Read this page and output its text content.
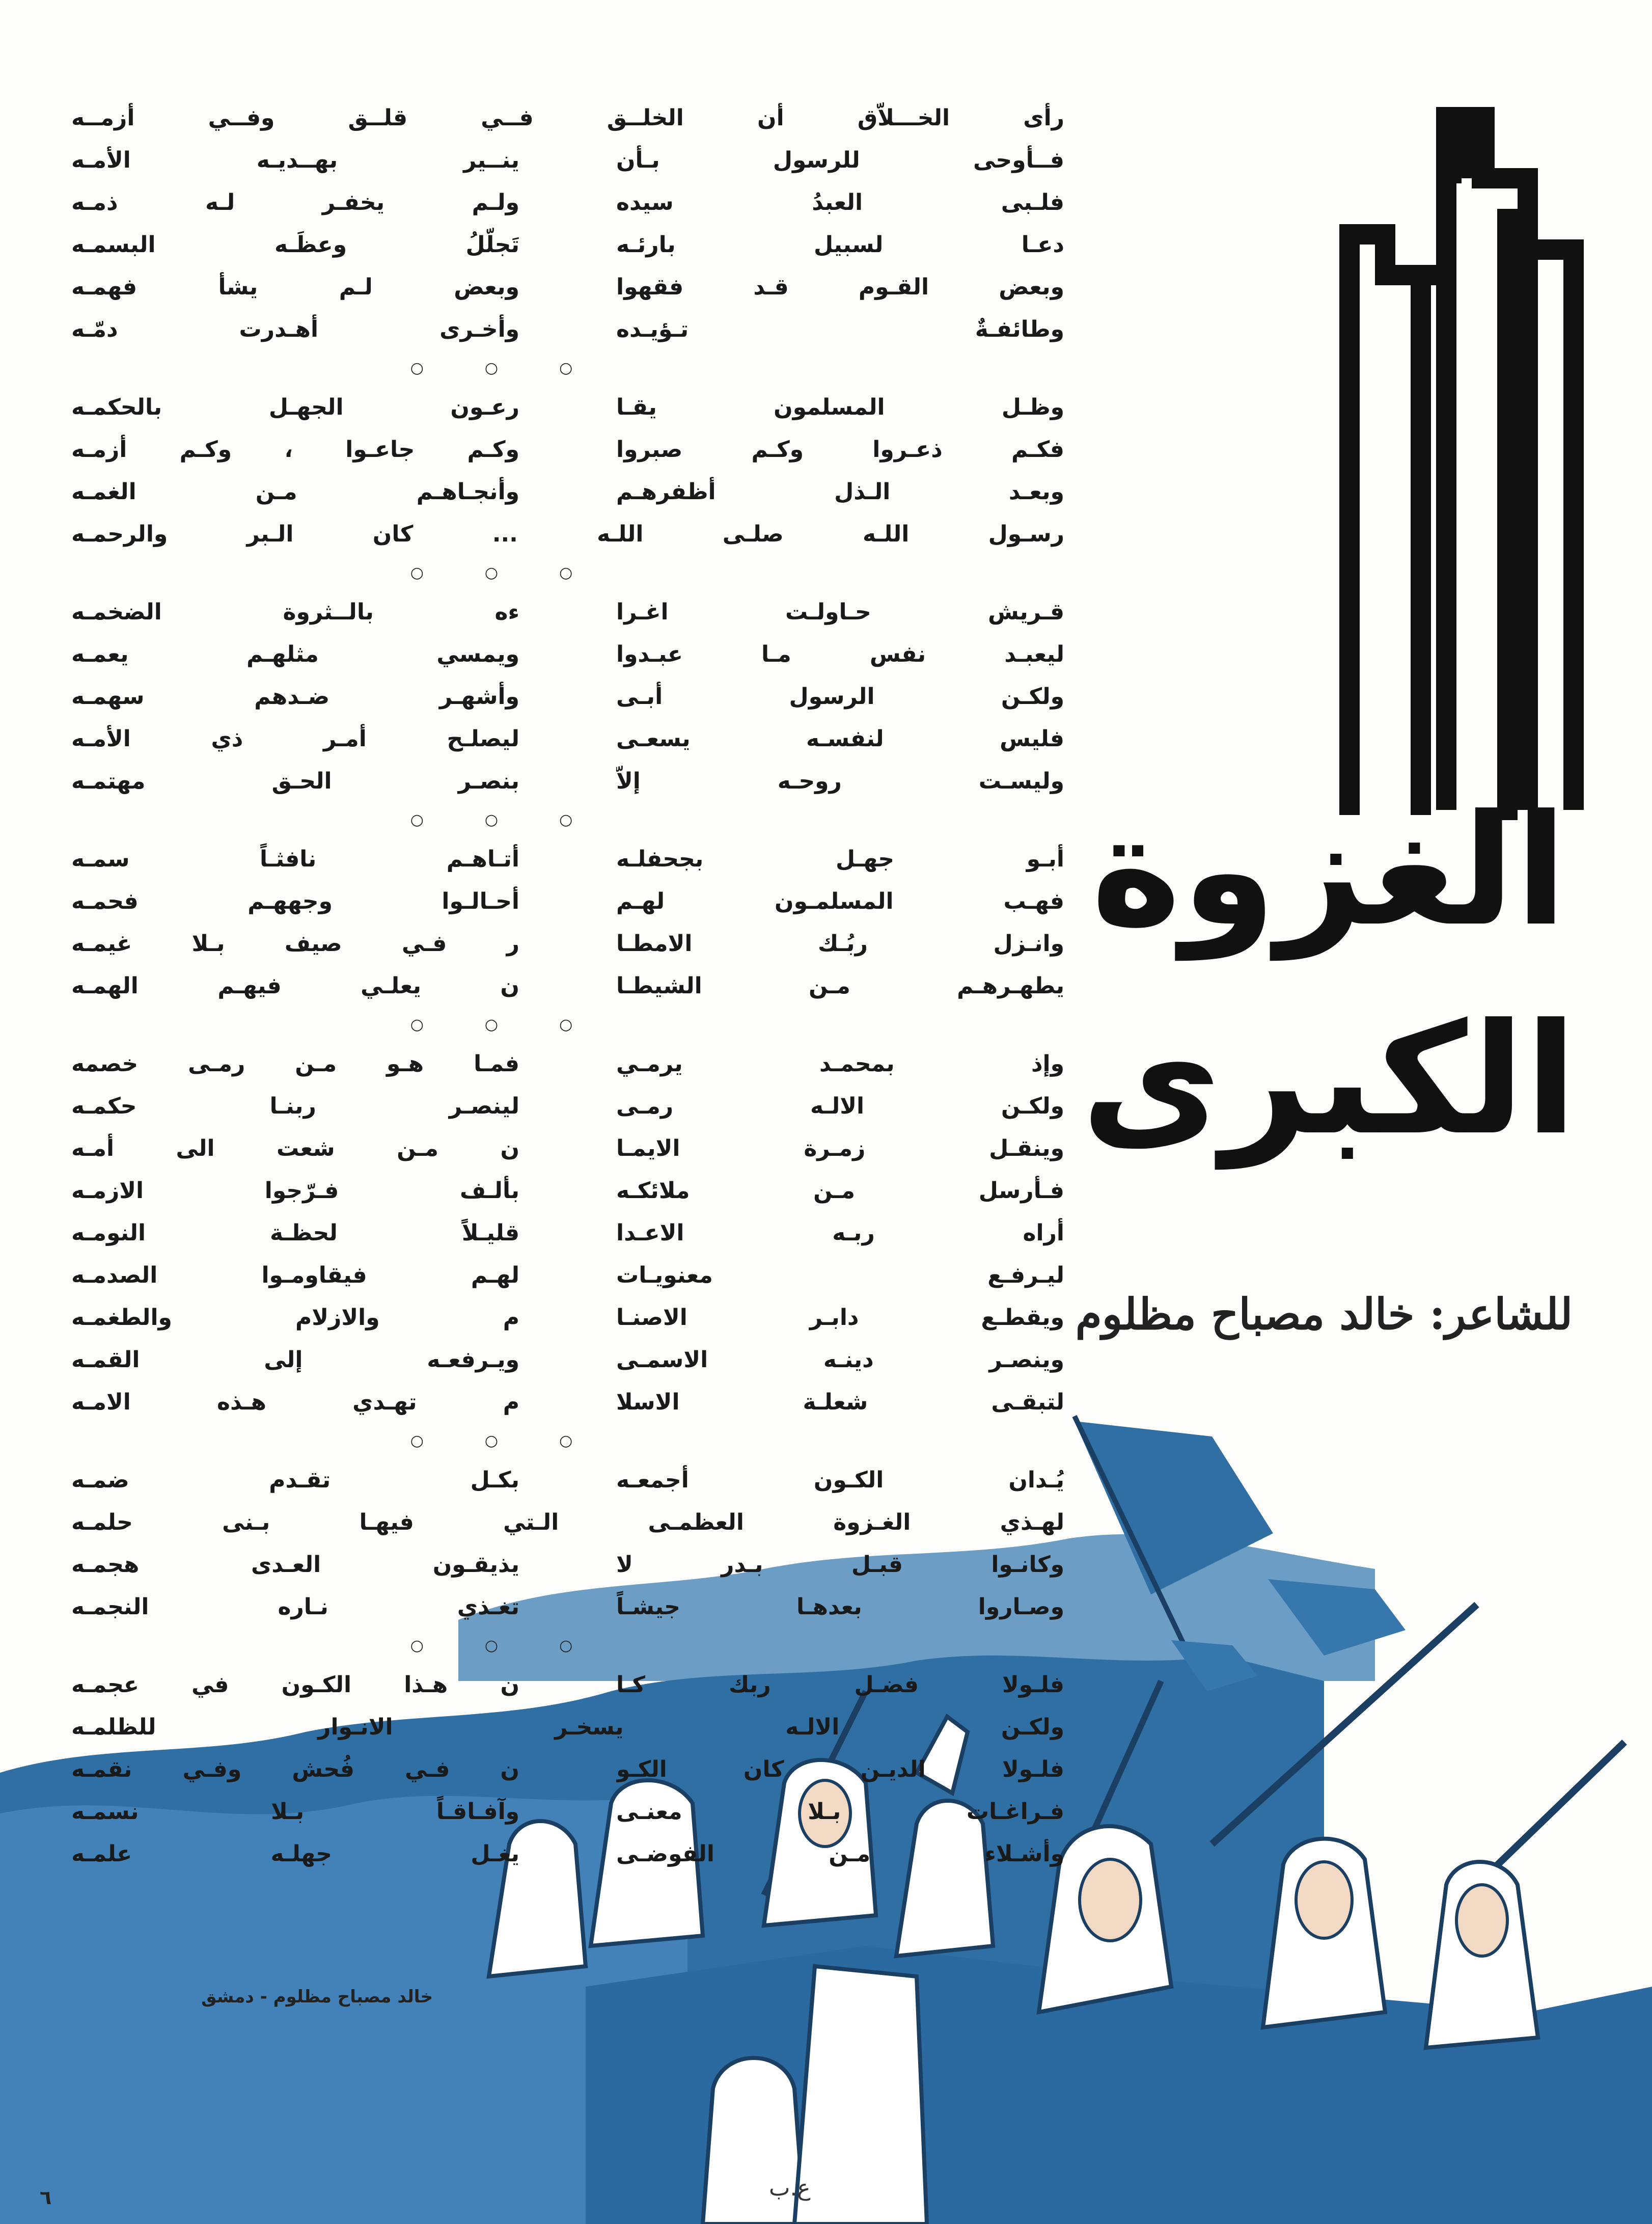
الغزوة
الكبرى
للشاعر: خالد مصباح مظلوم
رأى الخـــلاّق أن الخلــق فــي قلــق وفــي أزمــه
فــأوحى للرسول بـأن
ينــير بهــديـه الأمـه
فلـبى العبدُ سيده
ولـم يخفـر لـه ذمـه
دعـا لسبيل بارئـه
تَجلّلُ وعظَـه البسمـه
وبعض القـوم قـد فقهوا
وبعض لـم يشأ فهمـه
وطائفـةٌ تـؤيـده
وأخـرى أهـدرت دمّـه
○	○	○
وظـل المسلمون يقـا
رعـون الجهـل بالحكمـه
فكـم ذعـروا وكـم صبروا
وكـم جاعـوا ، وكـم أزمـه
وبعـد الـذل أظفرهـم
وأنجـاهـم مـن الغمـه
رسـول اللـه صلـى اللـه ... كان الـبر والرحمـه
○	○	○
قـريش حـاولـت اغـرا
ءه بالــثروة الضخمـه
ليعبـد نفس مـا عبـدوا
ويمسي مثلهـم يعمـه
ولكـن الرسول أبـى
وأشهـر ضـدهم سهمـه
فليس لنفسـه يسعـى
ليصلـح أمـر ذي الأمـه
وليسـت روحـه إلاّ
بنصـر الحـق مهتمـه
○	○	○
أبـو جهـل بجحفلـه
أتـاهـم نافثـاً سمـه
فهـب المسلمـون لهـم
أحـالـوا وجههـم فحمـه
وانـزل ربُـك الامطـا
ر فـي صيف بـلا غيمـه
يطهـرهـم مـن الشيطـا
ن يعلـي فيهـم الهمـه
○	○	○
وإذ بمحمـد يرمـي
فمـا هـو مـن رمـى خصمه
ولكـن الالـه رمـى
لينصـر ربنـا حكمـه
وينقـل زمـرة الايمـا
ن مـن شعت الى أمـه
فـأرسل مـن ملائكـه
بألـف فـرّجوا الازمـه
أراه ربـه الاعـدا
قليـلاً لحظـة النومـه
ليـرفـع معنويـات
لهـم فيقاومـوا الصدمـه
ويقطـع دابـر الاصنـا
م والازلام والطغمـه
وينصـر دينـه الاسمـى
ويـرفعـه إلى القمـه
لتبقـى شعلـة الاسلا
م تهـدي هـذه الامـه
○	○	○
يُـدان الكـون أجمعـه
بكـل تقـدم ضمـه
لهـذي الغـزوة العظمـى الـتي فيهـا بـنى حلمـه
وكانـوا قبـل بـدر لا
يذيقـون العـدى هجمـه
وصـاروا بعدهـا جيشـاً
تغـذي نـاره النجمـه
○	○	○
فلـولا فضـل ربك كـا
ن هـذا الكـون في عجمـه
ولكـن الالـه يسخـر الانـوار للظلمـه
فلـولا الديـن كان الكـو
ن فـي فُحش وفـي نقمـه
فـراغـات بـلا معنـى
وآفـاقـاً بـلا نسمـه
وأشـلاء مـن الفوضـى
يغـل جهلـه علمـه
خالد مصباح مظلوم - دمشق
ع.ب
٦
